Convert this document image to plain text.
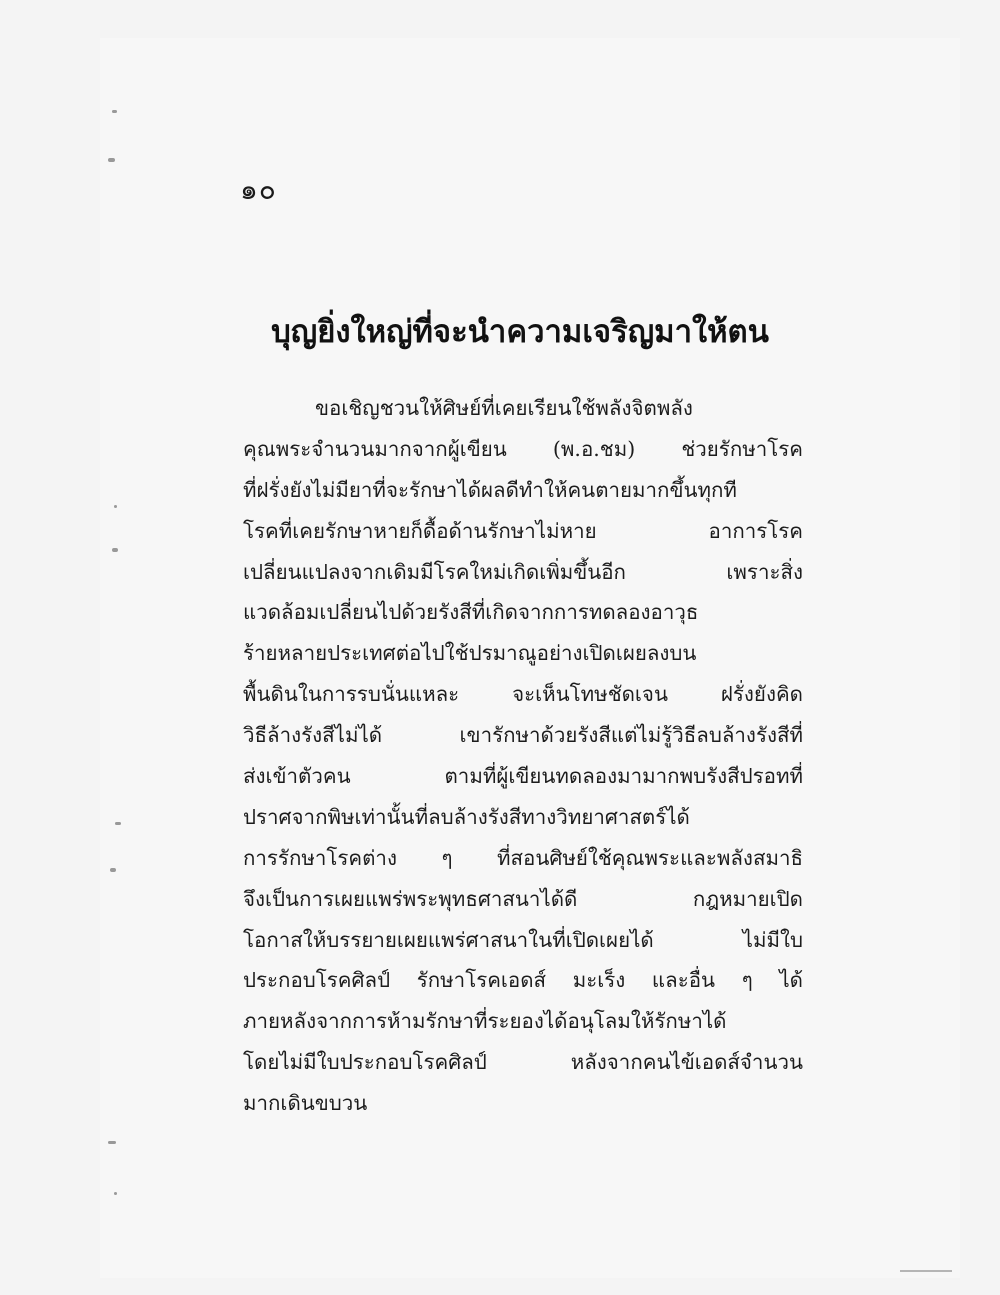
๑๐
บุญยิ่งใหญ่ที่จะนำความเจริญมาให้ตน
ขอเชิญชวนให้ศิษย์ที่เคยเรียนใช้พลังจิตพลัง
คุณพระจำนวนมากจากผู้เขียน (พ.อ.ชม) ช่วยรักษาโรค
ที่ฝรั่งยังไม่มียาที่จะรักษาได้ผลดีทำให้คนตายมากขึ้นทุกที
โรคที่เคยรักษาหายก็ดื้อด้านรักษาไม่หาย อาการโรค
เปลี่ยนแปลงจากเดิมมีโรคใหม่เกิดเพิ่มขึ้นอีก เพราะสิ่ง
แวดล้อมเปลี่ยนไปด้วยรังสีที่เกิดจากการทดลองอาวุธ
ร้ายหลายประเทศต่อไปใช้ปรมาณูอย่างเปิดเผยลงบน
พื้นดินในการรบนั่นแหละ จะเห็นโทษชัดเจน ฝรั่งยังคิด
วิธีล้างรังสีไม่ได้ เขารักษาด้วยรังสีแต่ไม่รู้วิธีลบล้างรังสีที่
ส่งเข้าตัวคน ตามที่ผู้เขียนทดลองมามากพบรังสีปรอทที่
ปราศจากพิษเท่านั้นที่ลบล้างรังสีทางวิทยาศาสตร์ได้
การรักษาโรคต่าง ๆ ที่สอนศิษย์ใช้คุณพระและพลังสมาธิ
จึงเป็นการเผยแพร่พระพุทธศาสนาได้ดี กฎหมายเปิด
โอกาสให้บรรยายเผยแพร่ศาสนาในที่เปิดเผยได้ ไม่มีใบ
ประกอบโรคศิลป์ รักษาโรคเอดส์ มะเร็ง และอื่น ๆ ได้
ภายหลังจากการห้ามรักษาที่ระยองได้อนุโลมให้รักษาได้
โดยไม่มีใบประกอบโรคศิลป์ หลังจากคนไข้เอดส์จำนวน
มากเดินขบวน
